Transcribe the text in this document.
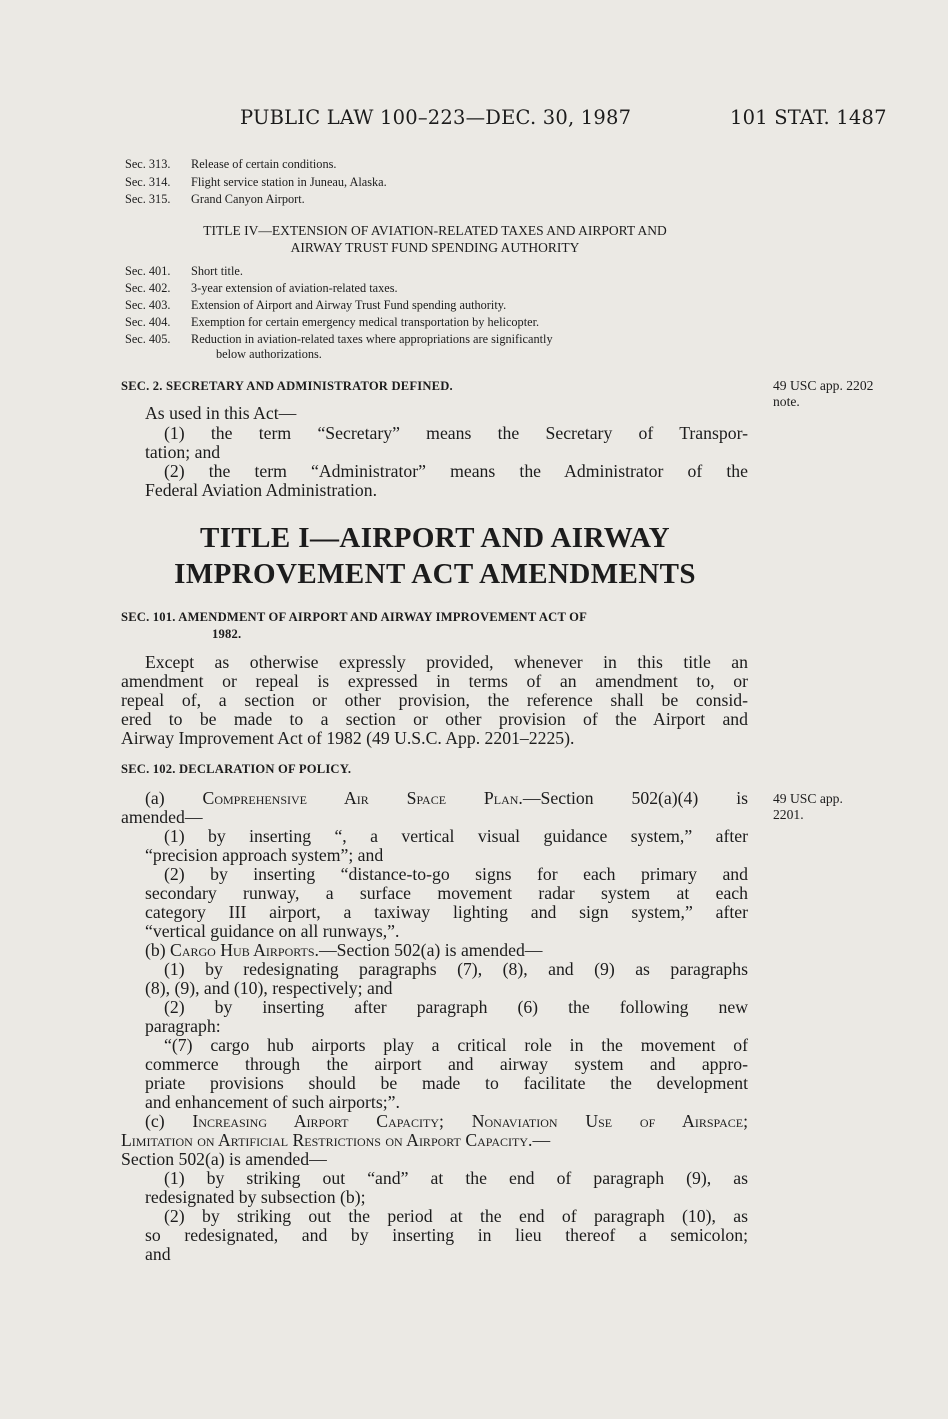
PUBLIC LAW 100–223—DEC. 30, 1987	101 STAT. 1487
Sec. 313. Release of certain conditions.
Sec. 314. Flight service station in Juneau, Alaska.
Sec. 315. Grand Canyon Airport.
TITLE IV—EXTENSION OF AVIATION-RELATED TAXES AND AIRPORT AND
AIRWAY TRUST FUND SPENDING AUTHORITY
Sec. 401. Short title.
Sec. 402. 3-year extension of aviation-related taxes.
Sec. 403. Extension of Airport and Airway Trust Fund spending authority.
Sec. 404. Exemption for certain emergency medical transportation by helicopter.
Sec. 405. Reduction in aviation-related taxes where appropriations are significantly
below authorizations.
SEC. 2. SECRETARY AND ADMINISTRATOR DEFINED.	49 USC app. 2202
note.
As used in this Act—
(1) the term “Secretary” means the Secretary of Transpor-
tation; and
(2) the term “Administrator” means the Administrator of the
Federal Aviation Administration.
TITLE I—AIRPORT AND AIRWAY
IMPROVEMENT ACT AMENDMENTS
SEC. 101. AMENDMENT OF AIRPORT AND AIRWAY IMPROVEMENT ACT OF
1982.
Except as otherwise expressly provided, whenever in this title an
amendment or repeal is expressed in terms of an amendment to, or
repeal of, a section or other provision, the reference shall be consid-
ered to be made to a section or other provision of the Airport and
Airway Improvement Act of 1982 (49 U.S.C. App. 2201–2225).
SEC. 102. DECLARATION OF POLICY.
49 USC app.
2201.
(a) Comprehensive Air Space Plan.—Section 502(a)(4) is
amended—
(1) by inserting “, a vertical visual guidance system,” after
“precision approach system”; and
(2) by inserting “distance-to-go signs for each primary and
secondary runway, a surface movement radar system at each
category III airport, a taxiway lighting and sign system,” after
“vertical guidance on all runways,”.
(b) Cargo Hub Airports.—Section 502(a) is amended—
(1) by redesignating paragraphs (7), (8), and (9) as paragraphs
(8), (9), and (10), respectively; and
(2) by inserting after paragraph (6) the following new
paragraph:
“(7) cargo hub airports play a critical role in the movement of
commerce through the airport and airway system and appro-
priate provisions should be made to facilitate the development
and enhancement of such airports;”.
(c) Increasing Airport Capacity; Nonaviation Use of Airspace;
Limitation on Artificial Restrictions on Airport Capacity.—
Section 502(a) is amended—
(1) by striking out “and” at the end of paragraph (9), as
redesignated by subsection (b);
(2) by striking out the period at the end of paragraph (10), as
so redesignated, and by inserting in lieu thereof a semicolon;
and
